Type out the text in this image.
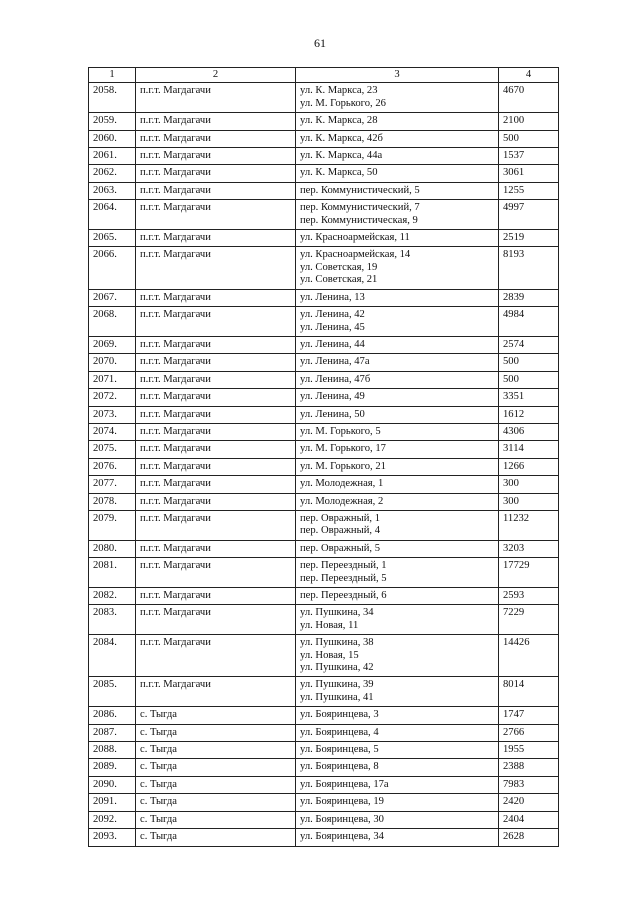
61
1	2	3	4
2058.	п.г.т. Магдагачи	ул. К. Маркса, 23
ул. М. Горького, 26	4670
2059.	п.г.т. Магдагачи	ул. К. Маркса, 28	2100
2060.	п.г.т. Магдагачи	ул. К. Маркса, 42б	500
2061.	п.г.т. Магдагачи	ул. К. Маркса, 44а	1537
2062.	п.г.т. Магдагачи	ул. К. Маркса, 50	3061
2063.	п.г.т. Магдагачи	пер. Коммунистический, 5	1255
2064.	п.г.т. Магдагачи	пер. Коммунистический, 7
пер. Коммунистическая, 9	4997
2065.	п.г.т. Магдагачи	ул. Красноармейская, 11	2519
2066.	п.г.т. Магдагачи	ул. Красноармейская, 14
ул. Советская, 19
ул. Советская, 21	8193
2067.	п.г.т. Магдагачи	ул. Ленина, 13	2839
2068.	п.г.т. Магдагачи	ул. Ленина, 42
ул. Ленина, 45	4984
2069.	п.г.т. Магдагачи	ул. Ленина, 44	2574
2070.	п.г.т. Магдагачи	ул. Ленина, 47а	500
2071.	п.г.т. Магдагачи	ул. Ленина, 47б	500
2072.	п.г.т. Магдагачи	ул. Ленина, 49	3351
2073.	п.г.т. Магдагачи	ул. Ленина, 50	1612
2074.	п.г.т. Магдагачи	ул. М. Горького, 5	4306
2075.	п.г.т. Магдагачи	ул. М. Горького, 17	3114
2076.	п.г.т. Магдагачи	ул. М. Горького, 21	1266
2077.	п.г.т. Магдагачи	ул. Молодежная, 1	300
2078.	п.г.т. Магдагачи	ул. Молодежная, 2	300
2079.	п.г.т. Магдагачи	пер. Овражный, 1
пер. Овражный, 4	11232
2080.	п.г.т. Магдагачи	пер. Овражный, 5	3203
2081.	п.г.т. Магдагачи	пер. Переездный, 1
пер. Переездный, 5	17729
2082.	п.г.т. Магдагачи	пер. Переездный, 6	2593
2083.	п.г.т. Магдагачи	ул. Пушкина, 34
ул. Новая, 11	7229
2084.	п.г.т. Магдагачи	ул. Пушкина, 38
ул. Новая, 15
ул. Пушкина, 42	14426
2085.	п.г.т. Магдагачи	ул. Пушкина, 39
ул. Пушкина, 41	8014
2086.	с. Тыгда	ул. Бояринцева, 3	1747
2087.	с. Тыгда	ул. Бояринцева, 4	2766
2088.	с. Тыгда	ул. Бояринцева, 5	1955
2089.	с. Тыгда	ул. Бояринцева, 8	2388
2090.	с. Тыгда	ул. Бояринцева, 17а	7983
2091.	с. Тыгда	ул. Бояринцева, 19	2420
2092.	с. Тыгда	ул. Бояринцева, 30	2404
2093.	с. Тыгда	ул. Бояринцева, 34	2628
